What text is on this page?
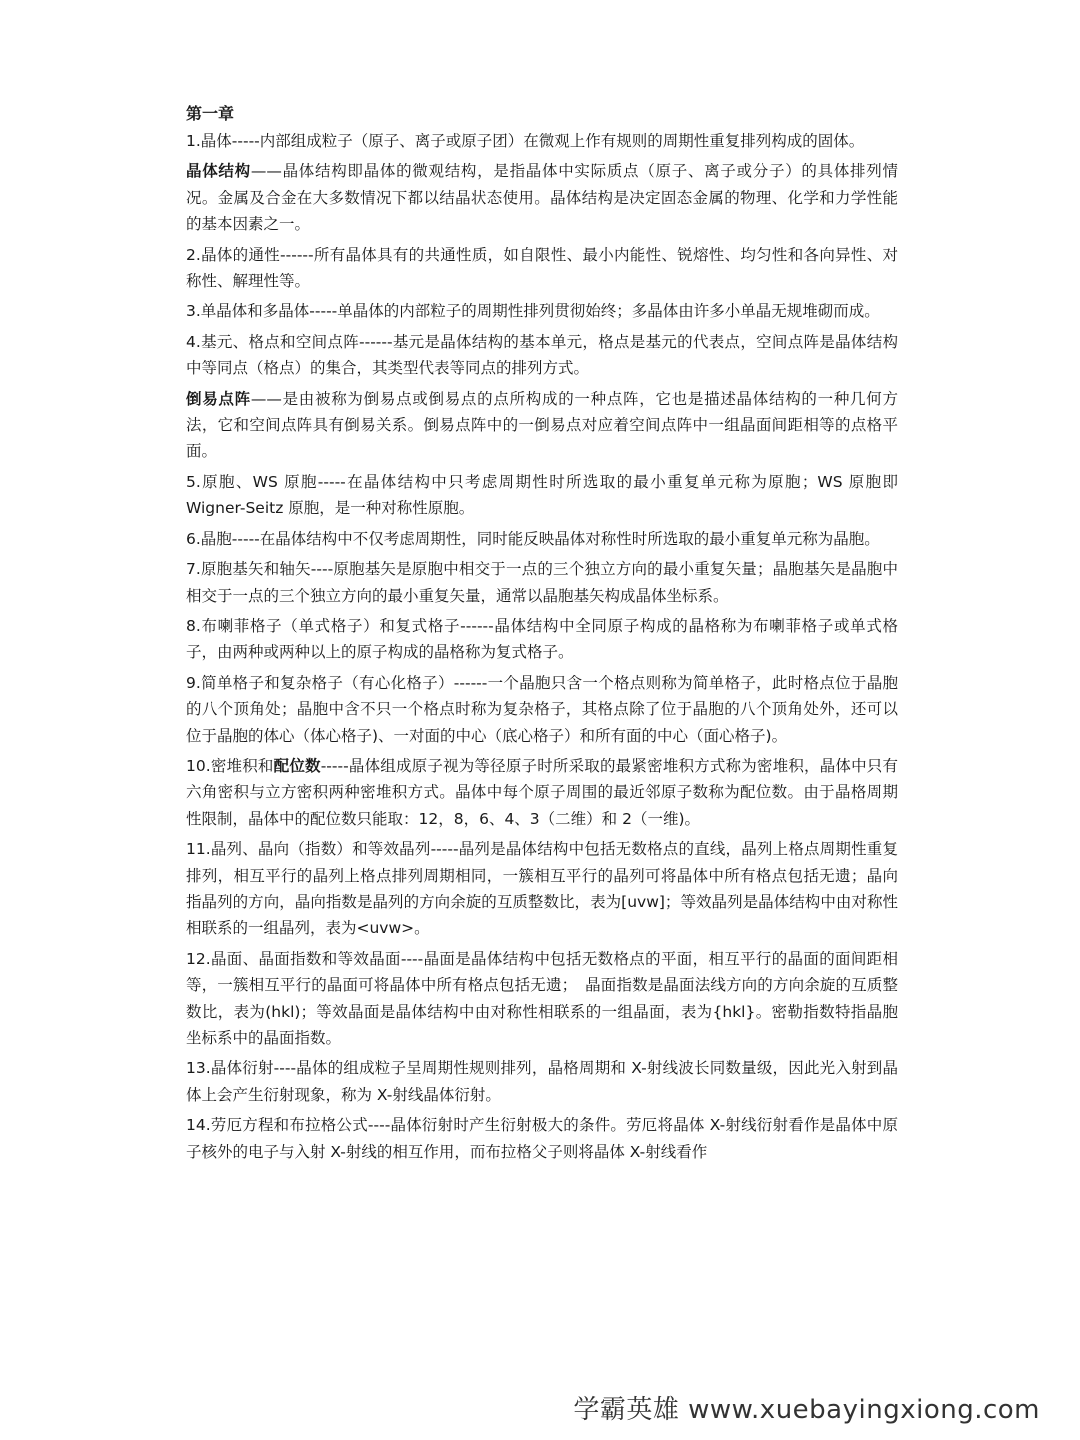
第一章

1.晶体-----内部组成粒子（原子、离子或原子团）在微观上作有规则的周期性重复排列构成的固体。

晶体结构——晶体结构即晶体的微观结构，是指晶体中实际质点（原子、离子或分子）的具体排列情况。金属及合金在大多数情况下都以结晶状态使用。晶体结构是决定固态金属的物理、化学和力学性能的基本因素之一。

2.晶体的通性------所有晶体具有的共通性质，如自限性、最小内能性、锐熔性、均匀性和各向异性、对称性、解理性等。

3.单晶体和多晶体-----单晶体的内部粒子的周期性排列贯彻始终；多晶体由许多小单晶无规堆砌而成。

4.基元、格点和空间点阵------基元是晶体结构的基本单元，格点是基元的代表点，空间点阵是晶体结构中等同点（格点）的集合，其类型代表等同点的排列方式。

倒易点阵——是由被称为倒易点或倒易点的点所构成的一种点阵，它也是描述晶体结构的一种几何方法，它和空间点阵具有倒易关系。倒易点阵中的一倒易点对应着空间点阵中一组晶面间距相等的点格平面。

5.原胞、WS 原胞-----在晶体结构中只考虑周期性时所选取的最小重复单元称为原胞；WS 原胞即 Wigner-Seitz 原胞，是一种对称性原胞。

6.晶胞-----在晶体结构中不仅考虑周期性，同时能反映晶体对称性时所选取的最小重复单元称为晶胞。

7.原胞基矢和轴矢----原胞基矢是原胞中相交于一点的三个独立方向的最小重复矢量；晶胞基矢是晶胞中相交于一点的三个独立方向的最小重复矢量，通常以晶胞基矢构成晶体坐标系。

8.布喇菲格子（单式格子）和复式格子------晶体结构中全同原子构成的晶格称为布喇菲格子或单式格子，由两种或两种以上的原子构成的晶格称为复式格子。

9.简单格子和复杂格子（有心化格子）------一个晶胞只含一个格点则称为简单格子，此时格点位于晶胞的八个顶角处；晶胞中含不只一个格点时称为复杂格子，其格点除了位于晶胞的八个顶角处外，还可以位于晶胞的体心（体心格子)、一对面的中心（底心格子）和所有面的中心（面心格子)。

10.密堆积和配位数-----晶体组成原子视为等径原子时所采取的最紧密堆积方式称为密堆积，晶体中只有六角密积与立方密积两种密堆积方式。晶体中每个原子周围的最近邻原子数称为配位数。由于晶格周期性限制，晶体中的配位数只能取：12，8，6、4、3（二维）和 2（一维)。

11.晶列、晶向（指数）和等效晶列-----晶列是晶体结构中包括无数格点的直线，晶列上格点周期性重复排列，相互平行的晶列上格点排列周期相同，一簇相互平行的晶列可将晶体中所有格点包括无遗；晶向指晶列的方向，晶向指数是晶列的方向余旋的互质整数比，表为[uvw]；等效晶列是晶体结构中由对称性相联系的一组晶列，表为<uvw>。

12.晶面、晶面指数和等效晶面----晶面是晶体结构中包括无数格点的平面，相互平行的晶面的面间距相等，一簇相互平行的晶面可将晶体中所有格点包括无遗；　晶面指数是晶面法线方向的方向余旋的互质整数比，表为(hkl)；等效晶面是晶体结构中由对称性相联系的一组晶面，表为{hkl}。密勒指数特指晶胞坐标系中的晶面指数。

13.晶体衍射----晶体的组成粒子呈周期性规则排列，晶格周期和 X-射线波长同数量级，因此光入射到晶体上会产生衍射现象，称为 X-射线晶体衍射。

14.劳厄方程和布拉格公式----晶体衍射时产生衍射极大的条件。劳厄将晶体 X-射线衍射看作是晶体中原子核外的电子与入射 X-射线的相互作用，而布拉格父子则将晶体 X-射线看作

学霸英雄 www.xuebayingxiong.com
